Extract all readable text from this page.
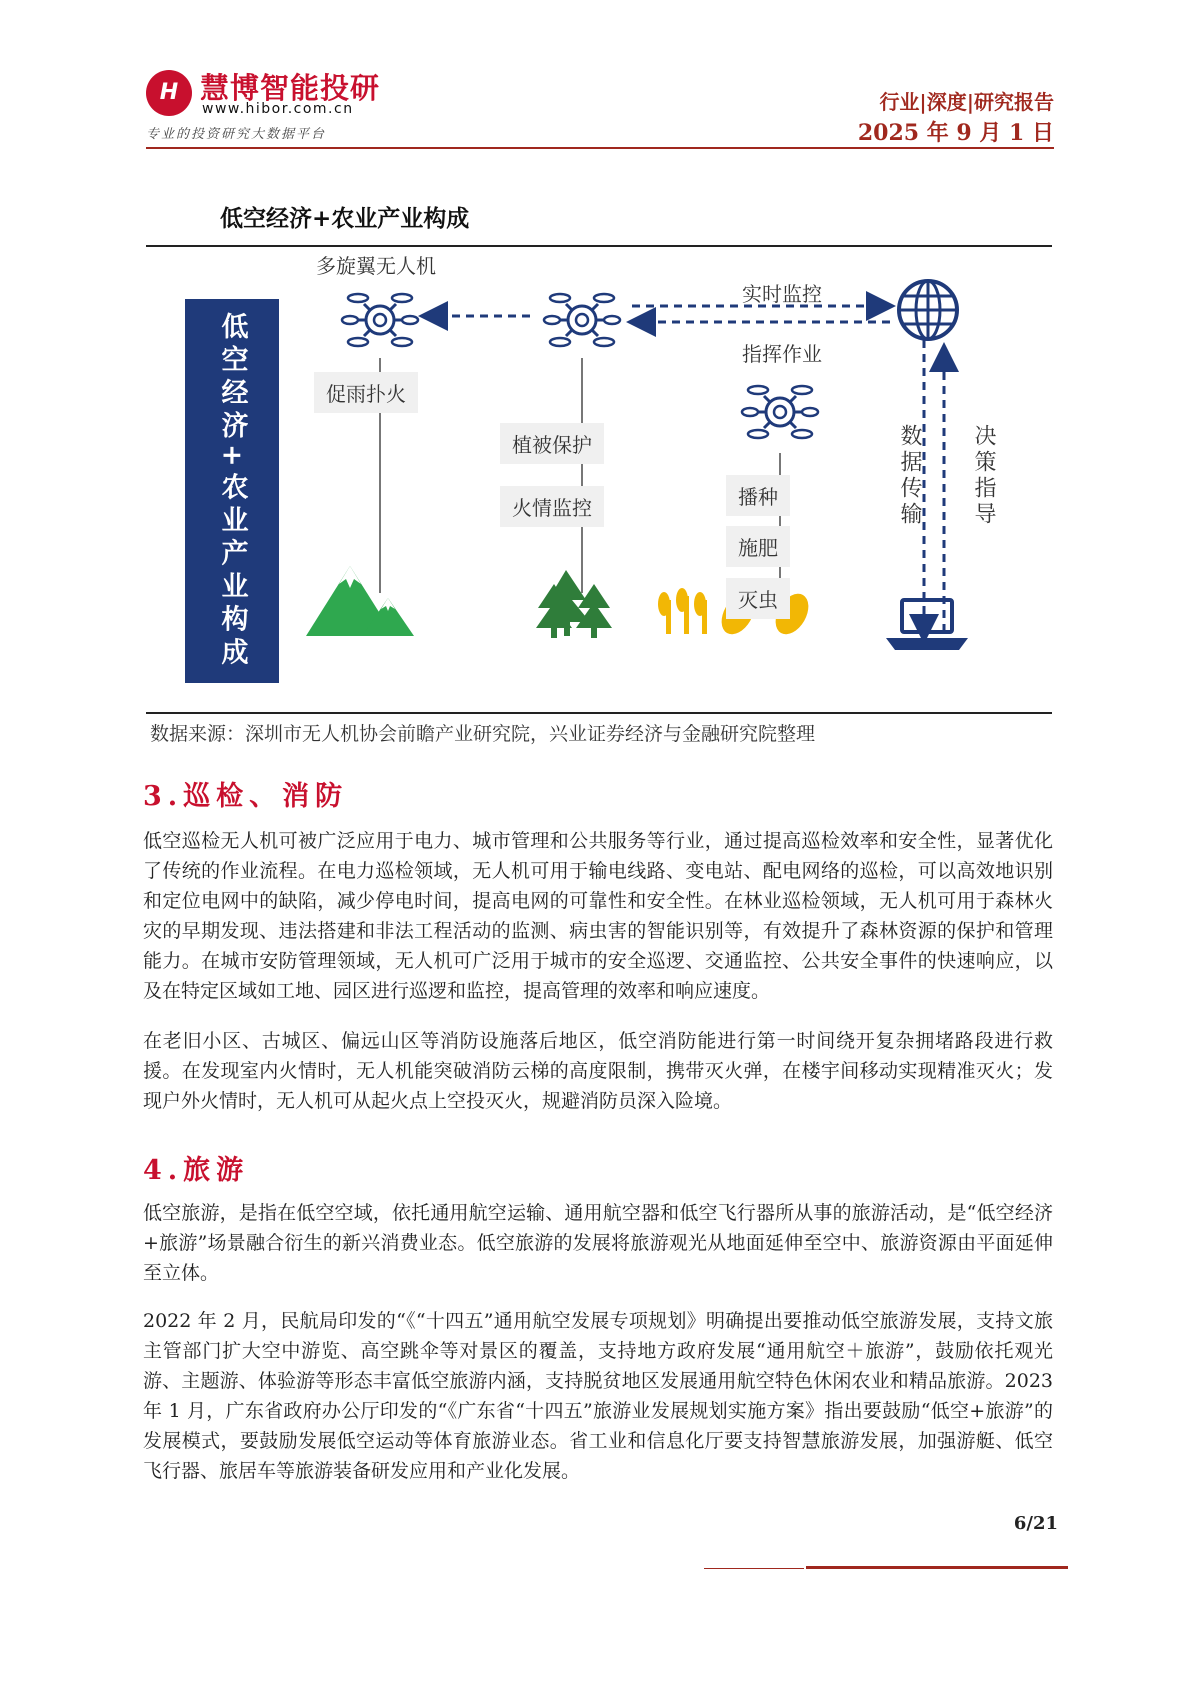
H 慧博智能投研
www.hibor.com.cn
专业的投资研究大数据平台
行业|深度|研究报告
2025 年 9 月 1 日
低空经济+农业产业构成
低空经济+农业产业构成
多旋翼无人机
实时监控
指挥作业
促雨扑火
植被保护
火情监控	播种
施肥
灭虫
数据传输 决策指导
数据来源：深圳市无人机协会前瞻产业研究院，兴业证券经济与金融研究院整理
3.巡检、消防
低空巡检无人机可被广泛应用于电力、城市管理和公共服务等行业，通过提高巡检效率和安全性，显著优化了传统的作业流程。在电力巡检领域，无人机可用于输电线路、变电站、配电网络的巡检，可以高效地识别和定位电网中的缺陷，减少停电时间，提高电网的可靠性和安全性。在林业巡检领域，无人机可用于森林火灾的早期发现、违法搭建和非法工程活动的监测、病虫害的智能识别等，有效提升了森林资源的保护和管理能力。在城市安防管理领域，无人机可广泛用于城市的安全巡逻、交通监控、公共安全事件的快速响应，以及在特定区域如工地、园区进行巡逻和监控，提高管理的效率和响应速度。
在老旧小区、古城区、偏远山区等消防设施落后地区，低空消防能进行第一时间绕开复杂拥堵路段进行救援。在发现室内火情时，无人机能突破消防云梯的高度限制，携带灭火弹，在楼宇间移动实现精准灭火；发现户外火情时，无人机可从起火点上空投灭火，规避消防员深入险境。
4.旅游
低空旅游，是指在低空空域，依托通用航空运输、通用航空器和低空飞行器所从事的旅游活动，是“低空经济+旅游”场景融合衍生的新兴消费业态。低空旅游的发展将旅游观光从地面延伸至空中、旅游资源由平面延伸至立体。
2022 年 2 月，民航局印发的“《“十四五”通用航空发展专项规划》明确提出要推动低空旅游发展，支持文旅主管部门扩大空中游览、高空跳伞等对景区的覆盖，支持地方政府发展“通用航空＋旅游”，鼓励依托观光游、主题游、体验游等形态丰富低空旅游内涵，支持脱贫地区发展通用航空特色休闲农业和精品旅游。2023 年 1 月，广东省政府办公厅印发的“《广东省“十四五”旅游业发展规划实施方案》指出要鼓励“低空+旅游”的发展模式，要鼓励发展低空运动等体育旅游业态。省工业和信息化厅要支持智慧旅游发展，加强游艇、低空飞行器、旅居车等旅游装备研发应用和产业化发展。
6/21
